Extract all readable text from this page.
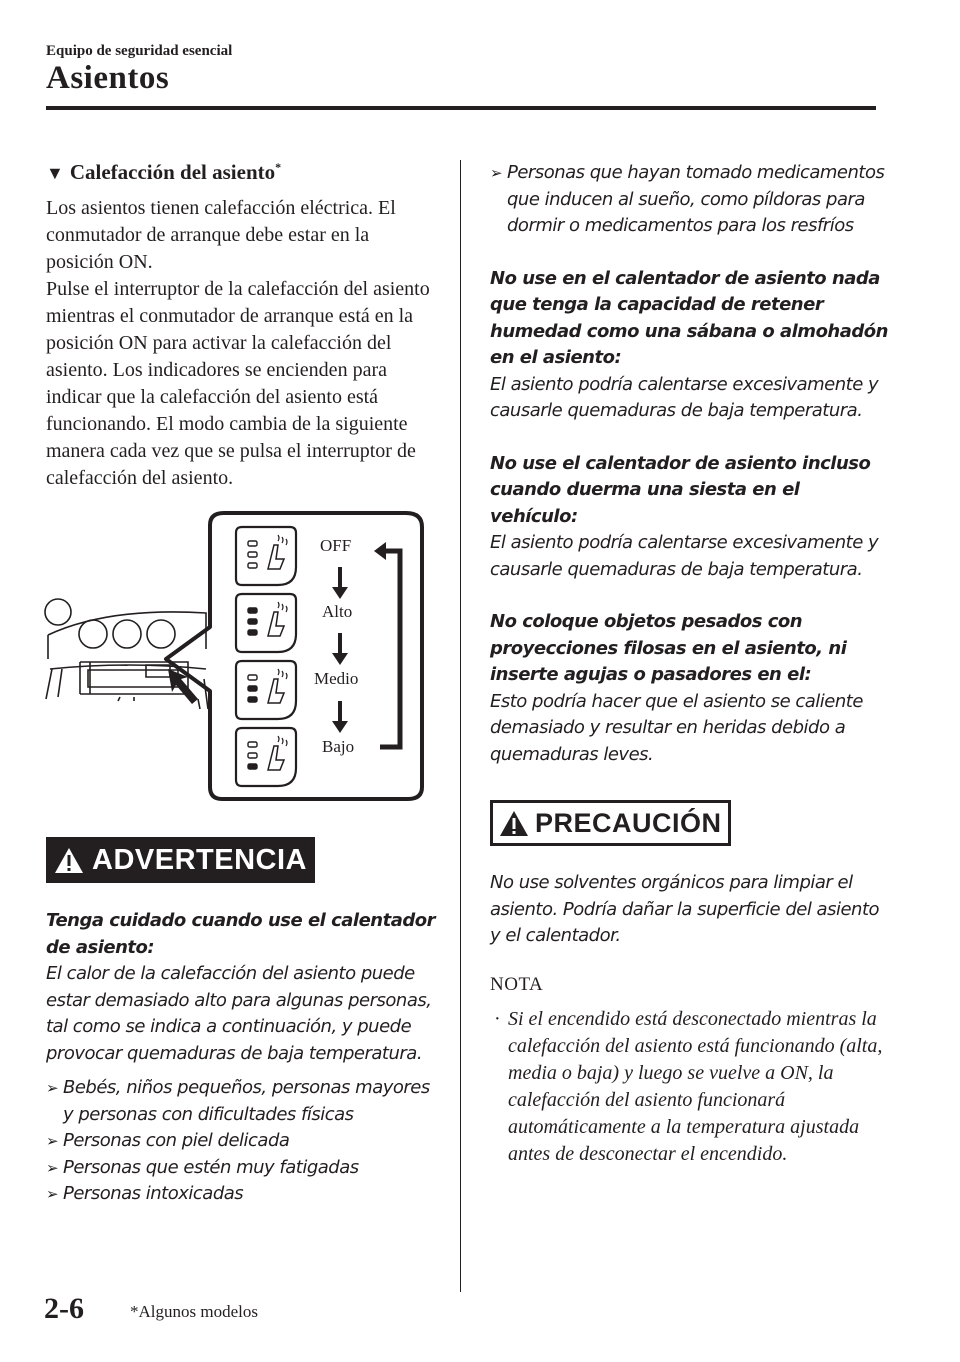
Equipo de seguridad esencial
Asientos
▼ Calefacción del asiento*

Los asientos tienen calefacción eléctrica. El conmutador de arranque debe estar en la posición ON.

Pulse el interruptor de la calefacción del asiento mientras el conmutador de arranque está en la posición ON para activar la calefacción del asiento. Los indicadores se encienden para indicar que la calefacción del asiento está funcionando. El modo cambia de la siguiente manera cada vez que se pulsa el interruptor de calefacción del asiento.

OFF
Alto
Medio
Bajo
ADVERTENCIA

Tenga cuidado cuando use el calentador de asiento:

El calor de la calefacción del asiento puede estar demasiado alto para algunas personas, tal como se indica a continuación, y puede provocar quemaduras de baja temperatura.

➢ Bebés, niños pequeños, personas mayores y personas con dificultades físicas
➢ Personas con piel delicada
➢ Personas que estén muy fatigadas
➢ Personas intoxicadas
➢ Personas que hayan tomado medicamentos que inducen al sueño, como píldoras para dormir o medicamentos para los resfríos

No use en el calentador de asiento nada que tenga la capacidad de retener humedad como una sábana o almohadón en el asiento:

El asiento podría calentarse excesivamente y causarle quemaduras de baja temperatura.

No use el calentador de asiento incluso cuando duerma una siesta en el vehículo:

El asiento podría calentarse excesivamente y causarle quemaduras de baja temperatura.

No coloque objetos pesados con proyecciones filosas en el asiento, ni inserte agujas o pasadores en el:

Esto podría hacer que el asiento se caliente demasiado y resultar en heridas debido a quemaduras leves.

PRECAUCIÓN

No use solventes orgánicos para limpiar el asiento. Podría dañar la superficie del asiento y el calentador.

NOTA

· Si el encendido está desconectado mientras la calefacción del asiento está funcionando (alta, media o baja) y luego se vuelve a ON, la calefacción del asiento funcionará automáticamente a la temperatura ajustada antes de desconectar el encendido.

2-6	*Algunos modelos
